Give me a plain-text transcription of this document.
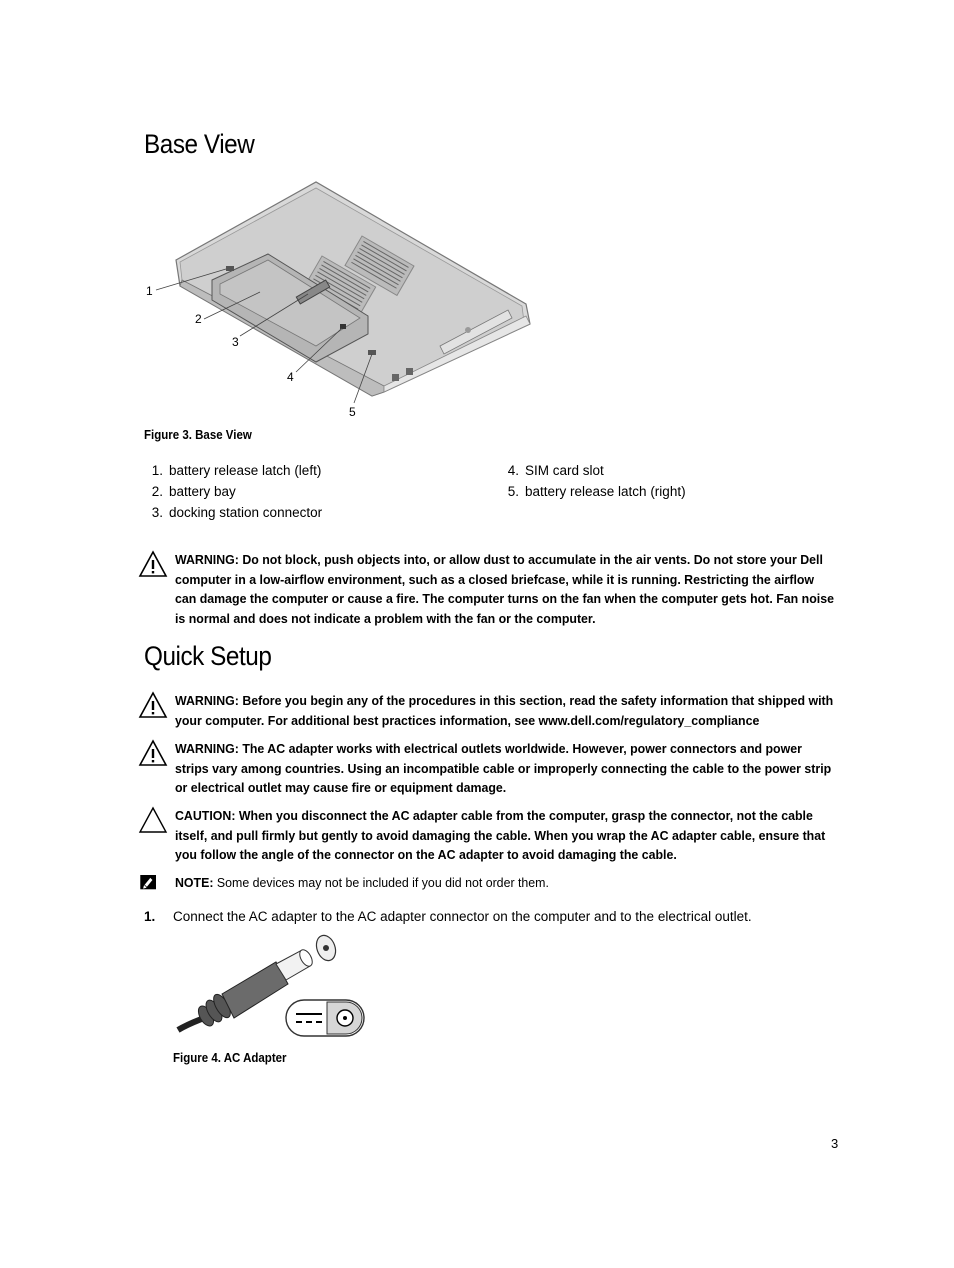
Base View
1
2
3
4
5
Figure 3. Base View
1. battery release latch (left)
2. battery bay
3. docking station connector
4. SIM card slot
5. battery release latch (right)
WARNING: Do not block, push objects into, or allow dust to accumulate in the air vents. Do not store your Dell computer in a low-airflow environment, such as a closed briefcase, while it is running. Restricting the airflow can damage the computer or cause a fire. The computer turns on the fan when the computer gets hot. Fan noise is normal and does not indicate a problem with the fan or the computer.
Quick Setup
WARNING: Before you begin any of the procedures in this section, read the safety information that shipped with your computer. For additional best practices information, see www.dell.com/regulatory_compliance
WARNING: The AC adapter works with electrical outlets worldwide. However, power connectors and power strips vary among countries. Using an incompatible cable or improperly connecting the cable to the power strip or electrical outlet may cause fire or equipment damage.
CAUTION: When you disconnect the AC adapter cable from the computer, grasp the connector, not the cable itself, and pull firmly but gently to avoid damaging the cable. When you wrap the AC adapter cable, ensure that you follow the angle of the connector on the AC adapter to avoid damaging the cable.
NOTE: Some devices may not be included if you did not order them.
1. Connect the AC adapter to the AC adapter connector on the computer and to the electrical outlet.
Figure 4. AC Adapter
3
